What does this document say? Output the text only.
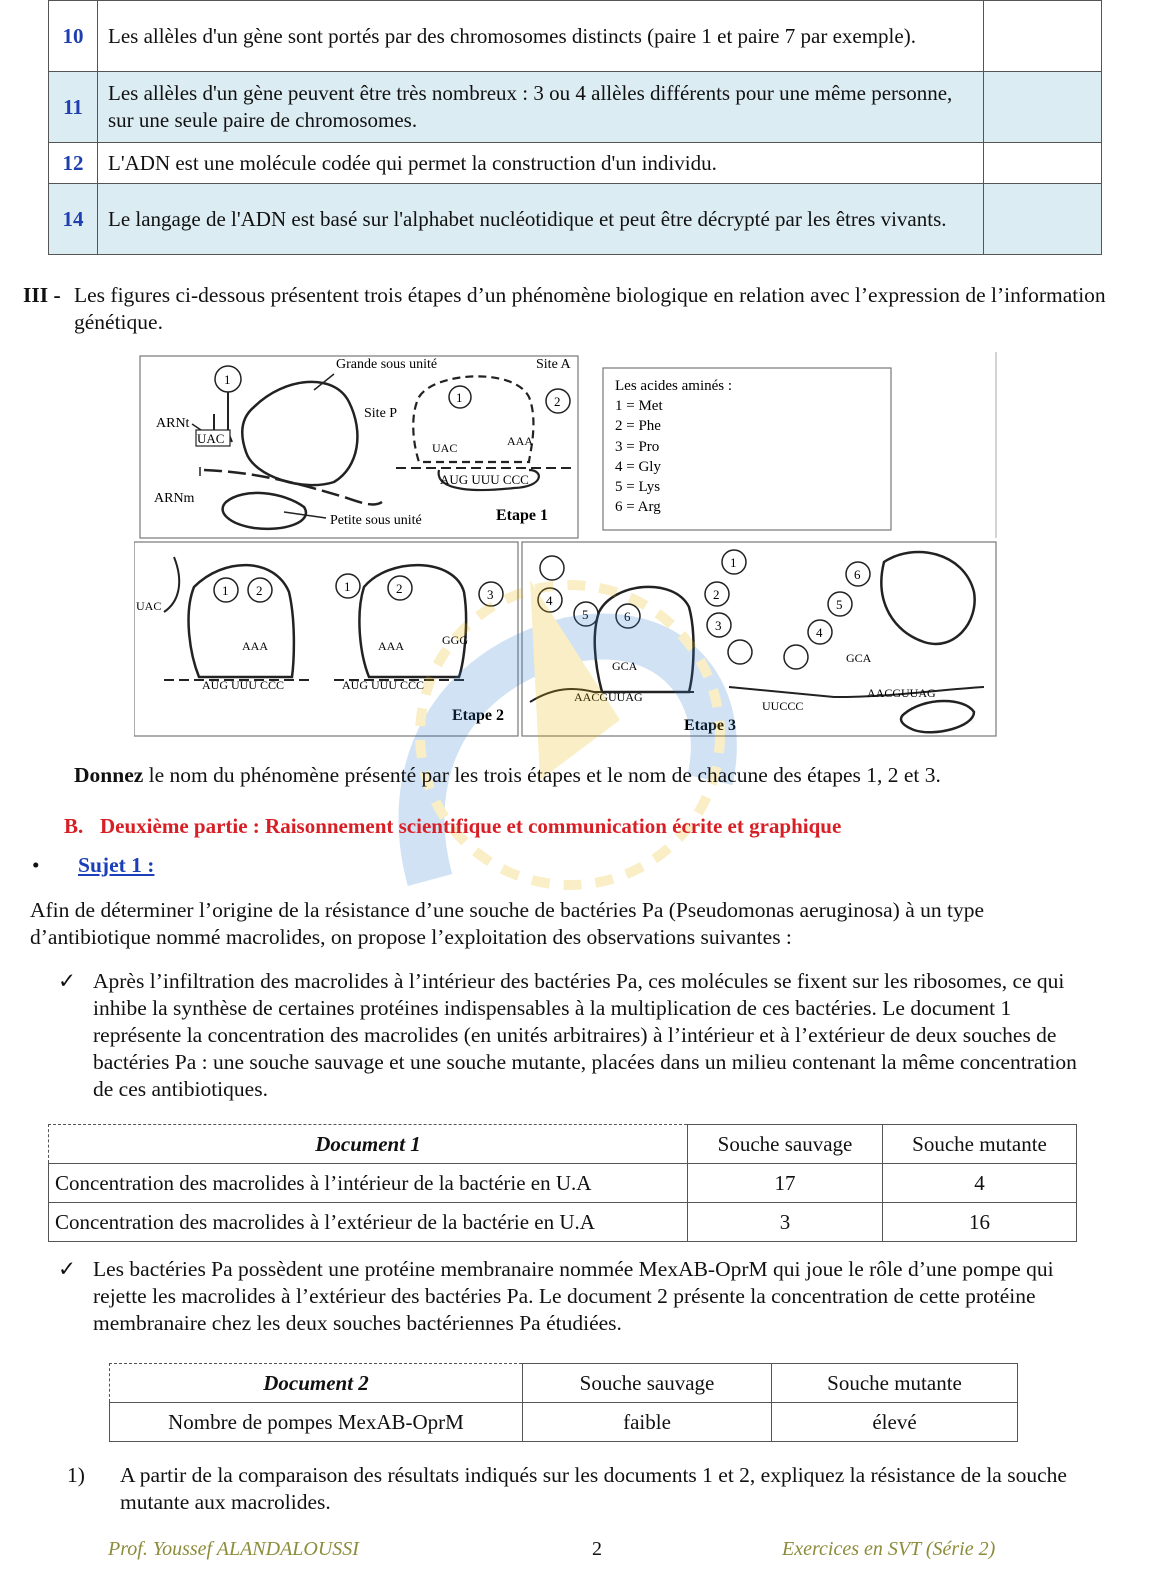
10	Les allèles d'un gène sont portés par des chromosomes distincts (paire 1 et paire 7 par exemple).	
11	Les allèles d'un gène peuvent être très nombreux : 3 ou 4 allèles différents pour une même personne, sur une seule paire de chromosomes.	
12	L'ADN est une molécule codée qui permet la construction d'un individu.	
14	Le langage de l'ADN est basé sur l'alphabet nucléotidique et peut être décrypté par les êtres vivants.	
III - Les figures ci-dessous présentent trois étapes d’un phénomène biologique en relation avec l’expression de l’information génétique.
Grande sous unité
1
ARNt
UAC
ARNm
Petite sous unité
Site P
Site A
1	2
UAC	AAA
AUG UUU CCC
Etape 1
Les acides aminés :
1 = Met
2 = Phe
3 = Pro
4 = Gly
5 = Lys
6 = Arg
1 2
AAA
UAC
AUG UUU CCC
1	2	3
AAA	GGG
AUG UUU CCC
Etape 2
4
5	6
GCA
AACGUUAG
Etape 3
1
2
3	4
5
6
GCA
UUCCC
AACGUUAG
Donnez le nom du phénomène présenté par les trois étapes et le nom de chacune des étapes 1, 2 et 3.
B. Deuxième partie : Raisonnement scientifique et communication écrite et graphique
• Sujet 1 :
Afin de déterminer l’origine de la résistance d’une souche de bactéries Pa (Pseudomonas aeruginosa) à un type d’antibiotique nommé macrolides, on propose l’exploitation des observations suivantes :
✓ Après l’infiltration des macrolides à l’intérieur des bactéries Pa, ces molécules se fixent sur les ribosomes, ce qui inhibe la synthèse de certaines protéines indispensables à la multiplication de ces bactéries. Le document 1 représente la concentration des macrolides (en unités arbitraires) à l’intérieur et à l’extérieur de deux souches de bactéries Pa : une souche sauvage et une souche mutante, placées dans un milieu contenant la même concentration de ces antibiotiques.
Document 1	Souche sauvage	Souche mutante
Concentration des macrolides à l’intérieur de la bactérie en U.A	17	4
Concentration des macrolides à l’extérieur de la bactérie en U.A	3	16
✓ Les bactéries Pa possèdent une protéine membranaire nommée MexAB-OprM qui joue le rôle d’une pompe qui rejette les macrolides à l’extérieur des bactéries Pa. Le document 2 présente la concentration de cette protéine membranaire chez les deux souches bactériennes Pa étudiées.
Document 2	Souche sauvage	Souche mutante
Nombre de pompes MexAB-OprM	faible	élevé
1) A partir de la comparaison des résultats indiqués sur les documents 1 et 2, expliquez la résistance de la souche mutante aux macrolides.
Prof. Youssef ALANDALOUSSI	2	Exercices en SVT (Série 2)
